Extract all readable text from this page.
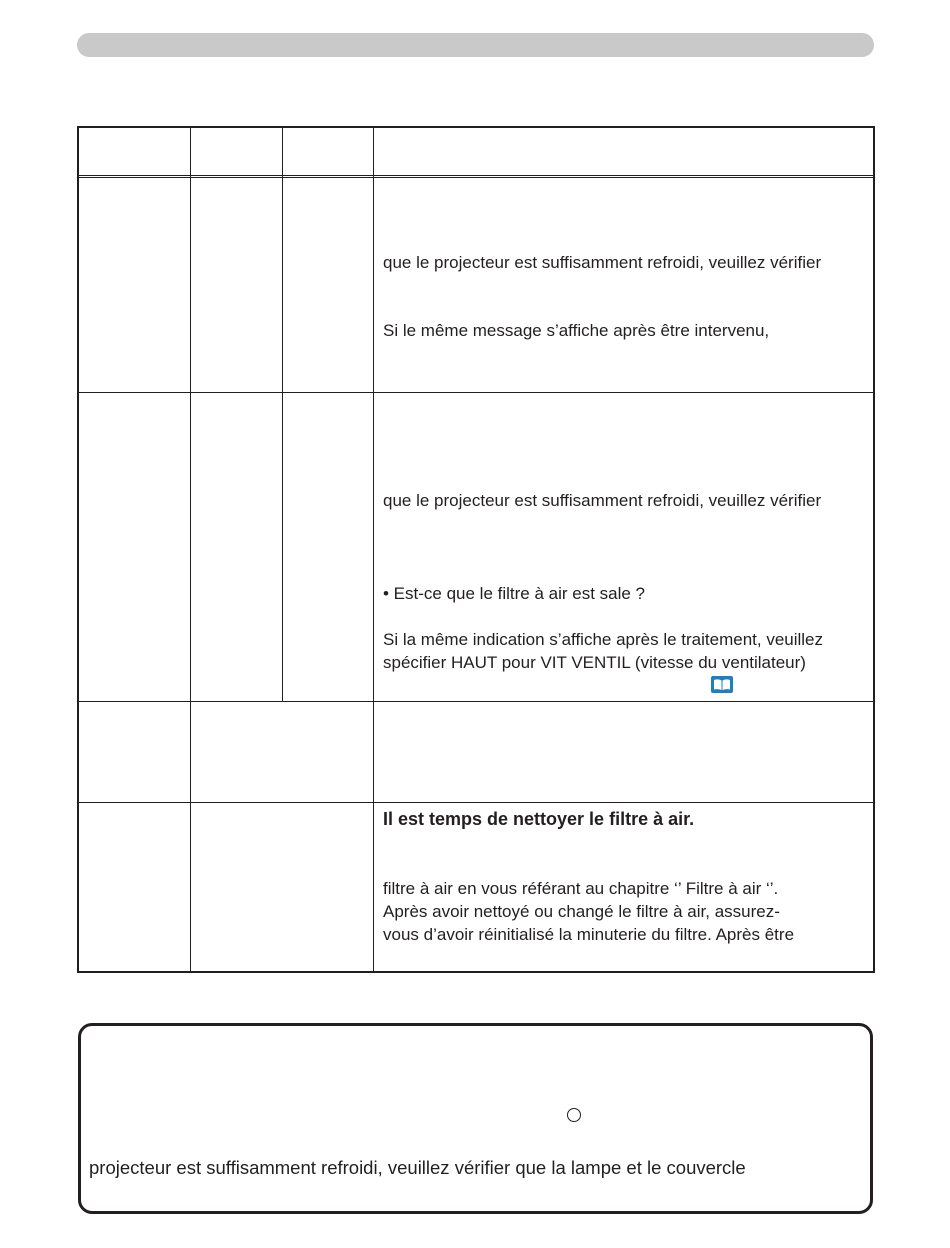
que le projecteur est suffisamment refroidi, veuillez vérifier
Si le même message s’affiche après être intervenu,
que le projecteur est suffisamment refroidi, veuillez vérifier
• Est-ce que le filtre à air est sale ?
Si la même indication s’affiche après le traitement, veuillez
spécifier HAUT pour VIT VENTIL (vitesse du ventilateur)
Il est temps de nettoyer le filtre à air.
filtre à air en vous référant au chapitre ‘’ Filtre à air ‘’.
Après avoir nettoyé ou changé le filtre à air, assurez-
vous d’avoir réinitialisé la minuterie du filtre. Après être
projecteur est suffisamment refroidi, veuillez vérifier que la lampe et le couvercle
